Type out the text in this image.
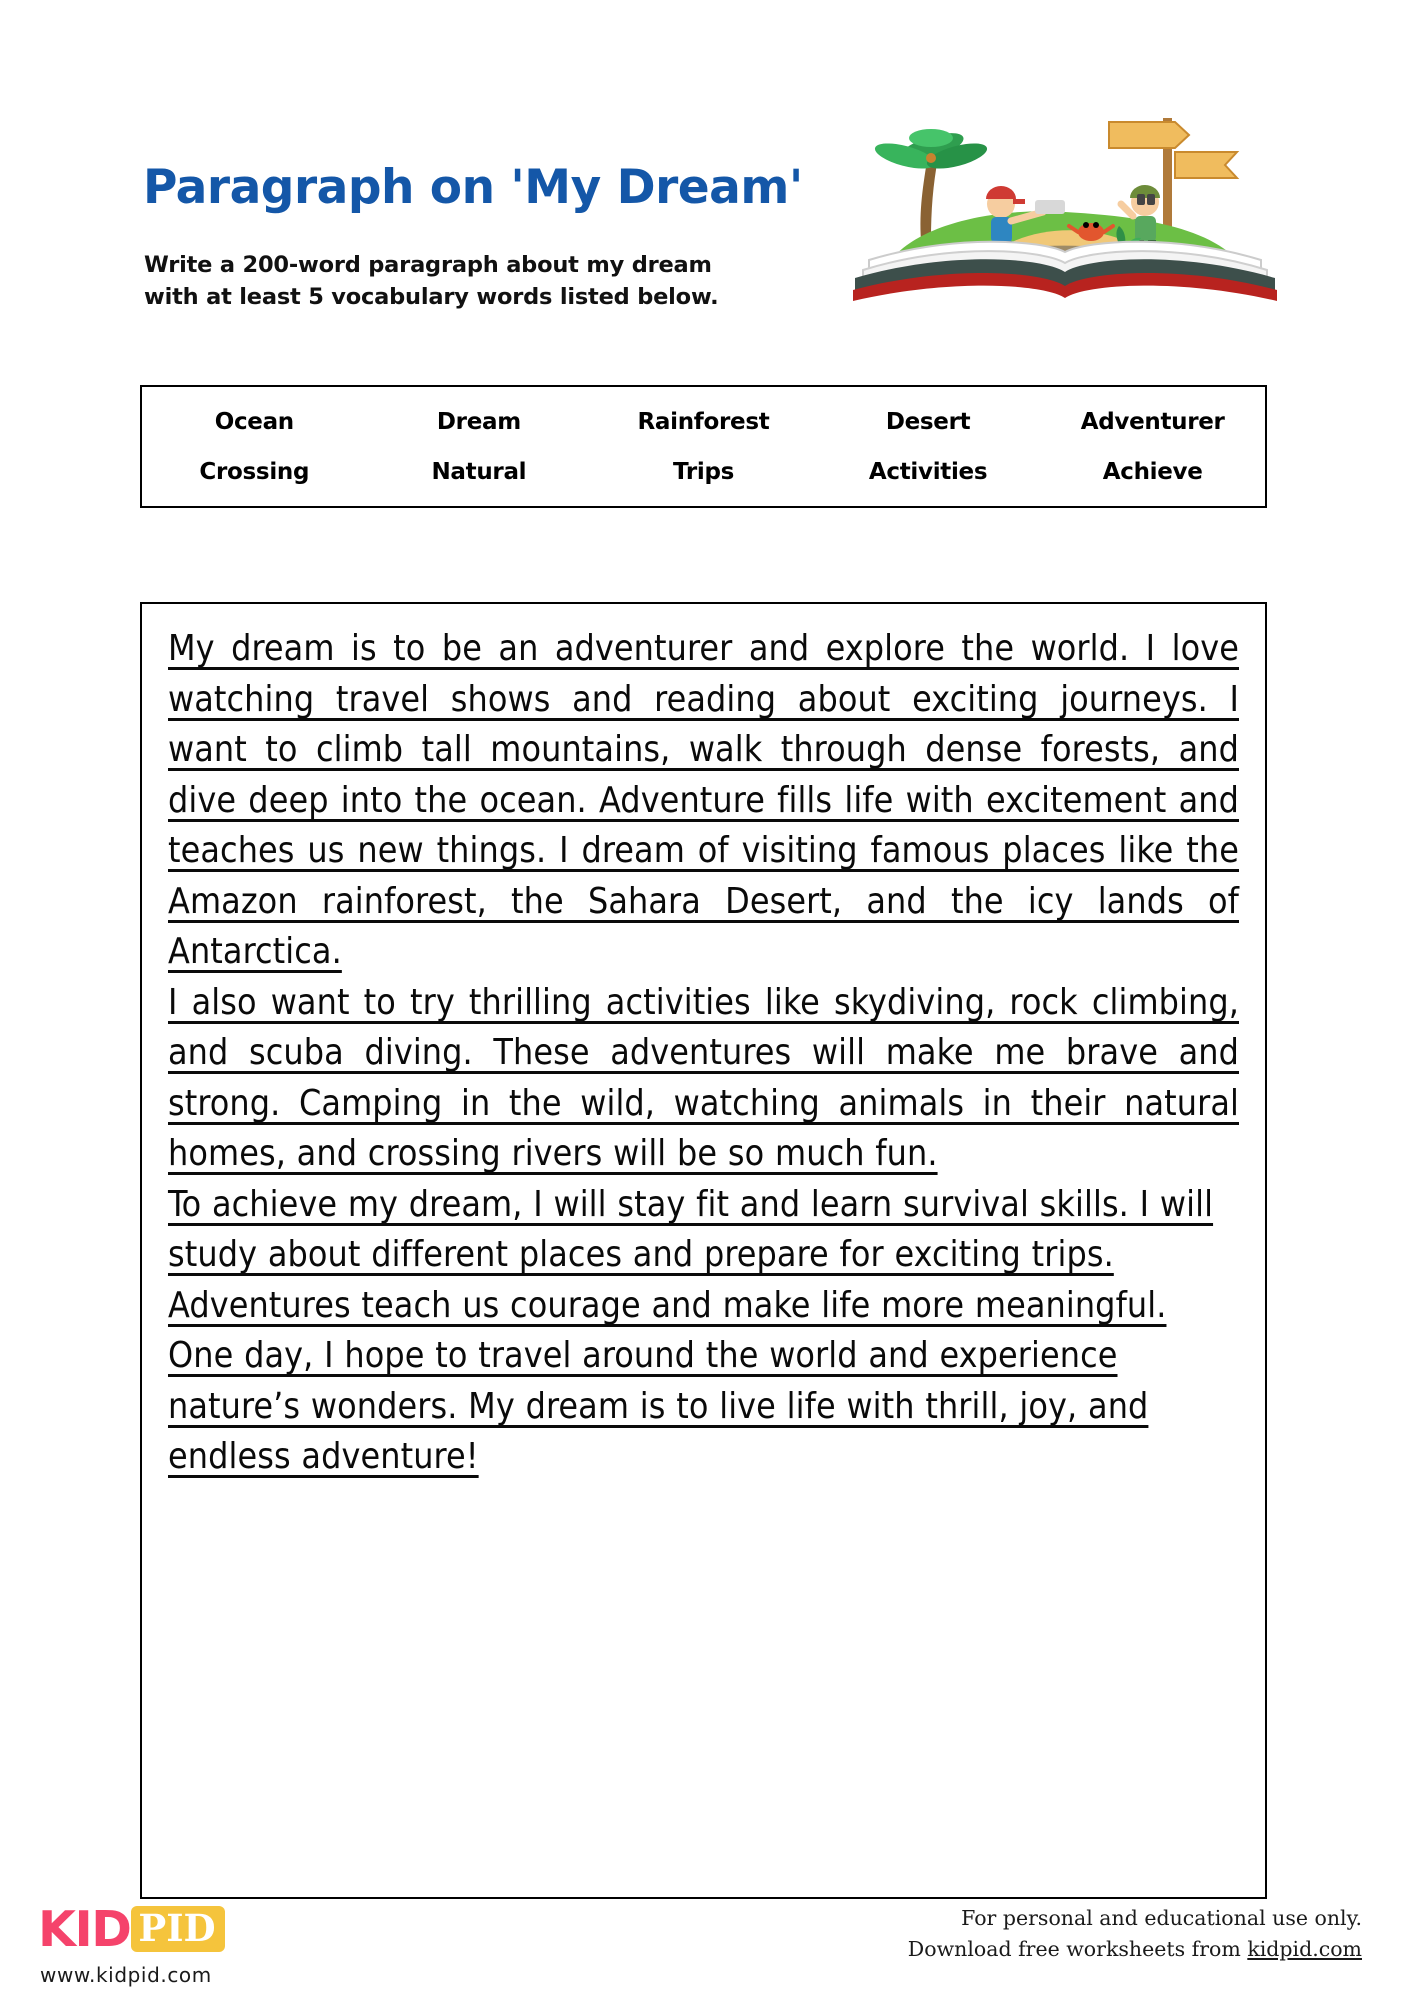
Paragraph on 'My Dream'
Write a 200-word paragraph about my dream
with at least 5 vocabulary words listed below.
Ocean	Dream	Rainforest	Desert	Adventurer
Crossing	Natural	Trips	Activities	Achieve

My dream is to be an adventurer and explore the world. I love watching travel shows and reading about exciting journeys. I want to climb tall mountains, walk through dense forests, and dive deep into the ocean. Adventure fills life with excitement and teaches us new things. I dream of visiting famous places like the Amazon rainforest, the Sahara Desert, and the icy lands of Antarctica.

I also want to try thrilling activities like skydiving, rock climbing, and scuba diving. These adventures will make me brave and strong. Camping in the wild, watching animals in their natural homes, and crossing rivers will be so much fun.

To achieve my dream, I will stay fit and learn survival skills. I will study about different places and prepare for exciting trips. Adventures teach us courage and make life more meaningful. One day, I hope to travel around the world and experience nature’s wonders. My dream is to live life with thrill, joy, and endless adventure!

KID PID
www.kidpid.com
For personal and educational use only.
Download free worksheets from kidpid.com
